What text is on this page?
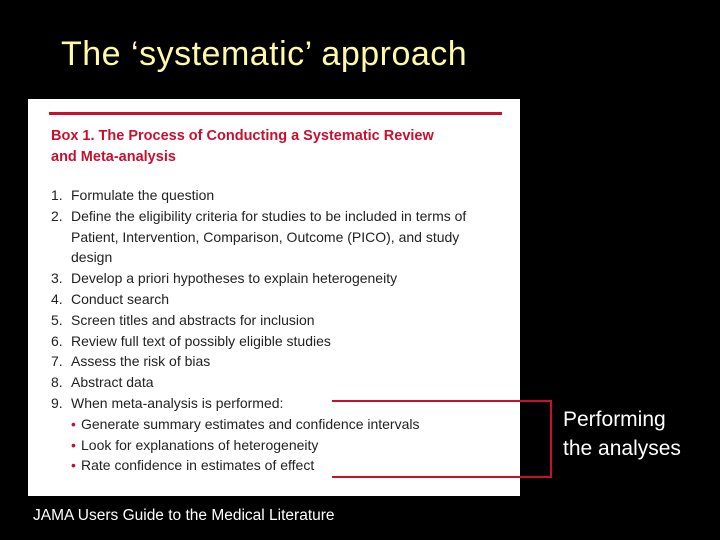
The ‘systematic’ approach
Box 1. The Process of Conducting a Systematic Review
and Meta-analysis
1. Formulate the question
2. Define the eligibility criteria for studies to be included in terms of Patient, Intervention, Comparison, Outcome (PICO), and study design
3. Develop a priori hypotheses to explain heterogeneity
4. Conduct search
5. Screen titles and abstracts for inclusion
6. Review full text of possibly eligible studies
7. Assess the risk of bias
8. Abstract data
9. When meta-analysis is performed:
• Generate summary estimates and confidence intervals
• Look for explanations of heterogeneity
• Rate confidence in estimates of effect
Performing
the analyses
JAMA Users Guide to the Medical Literature
